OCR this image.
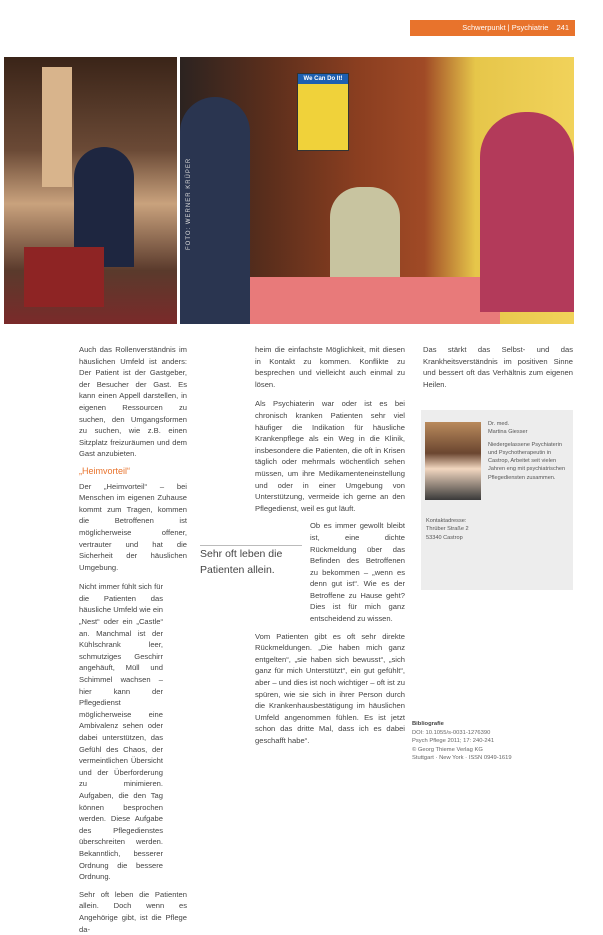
Schwerpunkt | Psychiatrie 241
FOTO: WERNER KRÜPER
We Can Do It!

Auch das Rollenverständnis im häuslichen Umfeld ist anders: Der Patient ist der Gastgeber, der Besucher der Gast. Es kann einen Appell darstellen, in eigenen Ressourcen zu suchen, den Umgangsformen zu suchen, wie z.B. einen Sitzplatz freizuräumen und dem Gast anzubieten.

„Heimvorteil“

Der „Heimvorteil“ – bei Menschen im eigenen Zuhause kommt zum Tragen, kommen die Betroffenen ist möglicherweise offener, vertrauter und hat die Sicherheit der häuslichen Umgebung.

Nicht immer fühlt sich für die Patienten das häusliche Umfeld wie ein „Nest“ oder ein „Castle“ an. Manchmal ist der Kühlschrank leer, schmutziges Geschirr angehäuft, Müll und Schimmel wachsen – hier kann der Pflegedienst möglicherweise eine Ambivalenz sehen oder dabei unterstützen, das Gefühl des Chaos, der vermeintlichen Übersicht und der Überforderung zu minimieren. Aufgaben, die den Tag können besprochen werden. Diese Aufgabe des Pflegedienstes überschreiten werden. Bekanntlich, besserer Ordnung die bessere Ordnung.

Sehr oft leben die Patienten allein. Doch wenn es Angehörige gibt, ist die Pflege da-

heim die einfachste Möglichkeit, mit diesen in Kontakt zu kommen. Konflikte zu besprechen und vielleicht auch einmal zu lösen.

Als Psychiaterin war oder ist es bei chronisch kranken Patienten sehr viel häufiger die Indikation für häusliche Krankenpflege als ein Weg in die Klinik, insbesondere die Patienten, die oft in Krisen täglich oder mehrmals wöchentlich sehen müssen, um ihre Medikamenteneinstellung und oder in einer Umgebung von Unterstützung, vermeide ich gerne an den Pflegedienst, weil es gut läuft.

Ob es immer gewollt bleibt ist, eine dichte Rückmeldung über das Befinden des Betroffenen zu bekommen – „wenn es denn gut ist“. Wie es der Betroffene zu Hause geht? Dies ist für mich ganz entscheidend zu wissen.

Vom Patienten gibt es oft sehr direkte Rückmeldungen. „Die haben mich ganz entgelten“, „sie haben sich bewusst“, „sich ganz für mich Unterstützt“, ein gut gefühlt“, aber – und dies ist noch wichtiger – oft ist zu spüren, wie sie sich in ihrer Person durch die Krankenhausbestätigung im häuslichen Umfeld angenommen fühlen. Es ist jetzt schon das dritte Mal, dass ich es dabei geschafft habe“.

Sehr oft leben die Patienten allein.

Das stärkt das Selbst- und das Krankheitsverständnis im positiven Sinne und bessert oft das Verhältnis zum eigenen Heilen.

Dr. med.
Martina Giesser
Niedergelassene Psychiaterin und Psychotherapeutin in Castrop, Arbeitet seit vielen Jahren eng mit psychiatrischen Pflegediensten zusammen.
Kontaktadresse:
Thrüber Straße 2
53340 Castrop
Bibliografie
DOI: 10.1055/s-0031-1276390
Psych Pflege 2011; 17: 240-241
© Georg Thieme Verlag KG
Stuttgart · New York · ISSN 0949-1619
